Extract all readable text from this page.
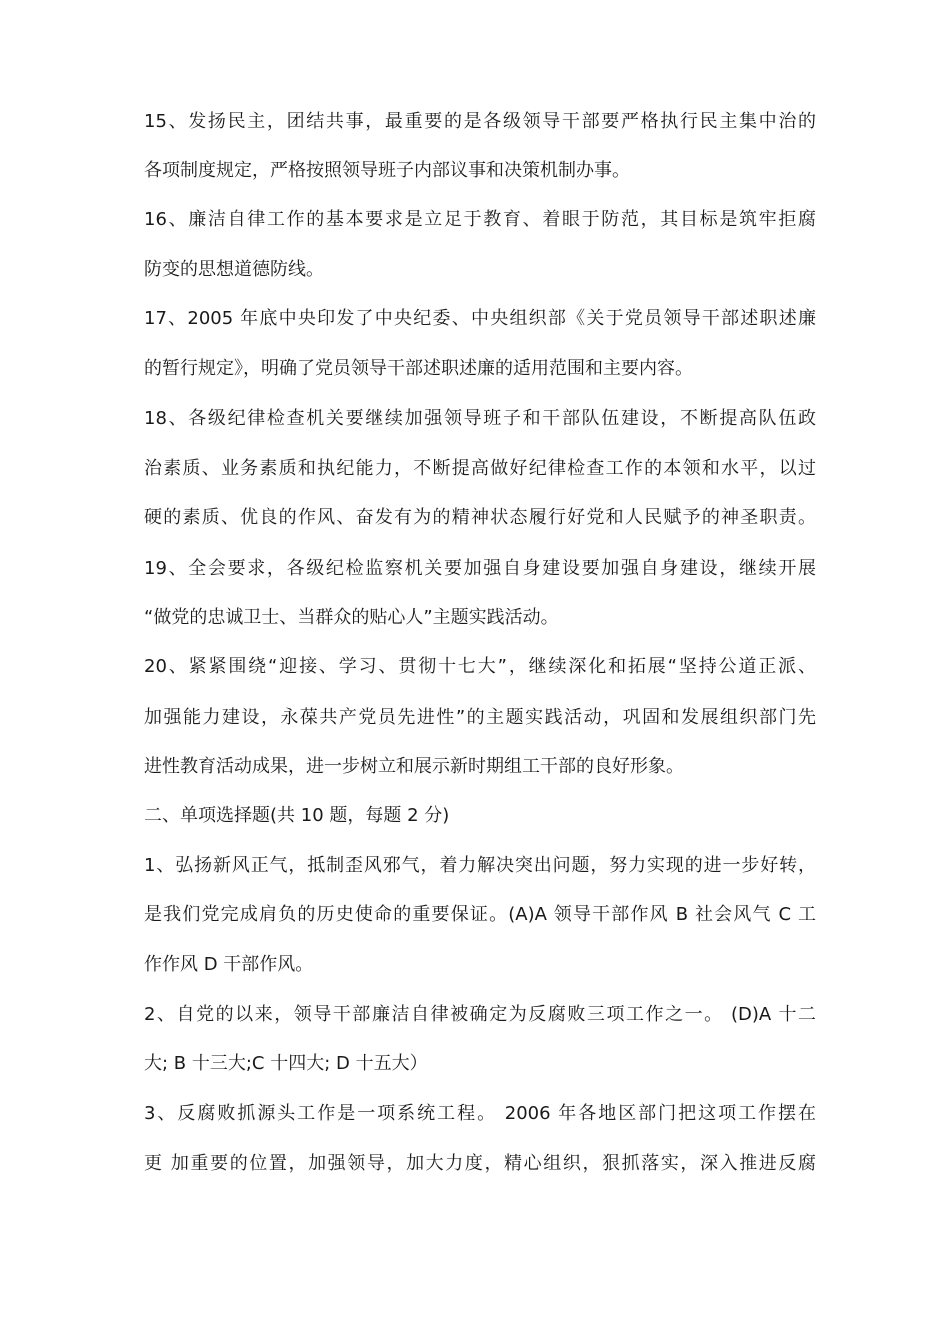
15、发扬民主，团结共事，最重要的是各级领导干部要严格执行民主集中治的
各项制度规定，严格按照领导班子内部议事和决策机制办事。
16、廉洁自律工作的基本要求是立足于教育、着眼于防范，其目标是筑牢拒腐
防变的思想道德防线。
17、2005 年底中央印发了中央纪委、中央组织部《关于党员领导干部述职述廉
的暂行规定》，明确了党员领导干部述职述廉的适用范围和主要内容。
18、各级纪律检查机关要继续加强领导班子和干部队伍建设，不断提高队伍政
治素质、业务素质和执纪能力，不断提高做好纪律检查工作的本领和水平，以过
硬的素质、优良的作风、奋发有为的精神状态履行好党和人民赋予的神圣职责。
19、全会要求，各级纪检监察机关要加强自身建设要加强自身建设，继续开展
“做党的忠诚卫士、当群众的贴心人”主题实践活动。
20、紧紧围绕“迎接、学习、贯彻十七大”，继续深化和拓展“坚持公道正派、
加强能力建设，永葆共产党员先进性”的主题实践活动，巩固和发展组织部门先
进性教育活动成果，进一步树立和展示新时期组工干部的良好形象。
二、单项选择题(共 10 题，每题 2 分)
1、弘扬新风正气，抵制歪风邪气，着力解决突出问题，努力实现的进一步好转，
是我们党完成肩负的历史使命的重要保证。(A)A 领导干部作风 B 社会风气 C 工
作作风 D 干部作风。
2、自党的以来，领导干部廉洁自律被确定为反腐败三项工作之一。 (D)A 十二
大; B 十三大;C 十四大; D 十五大）
3、反腐败抓源头工作是一项系统工程。 2006 年各地区部门把这项工作摆在
更 加重要的位置，加强领导，加大力度，精心组织，狠抓落实，深入推进反腐
